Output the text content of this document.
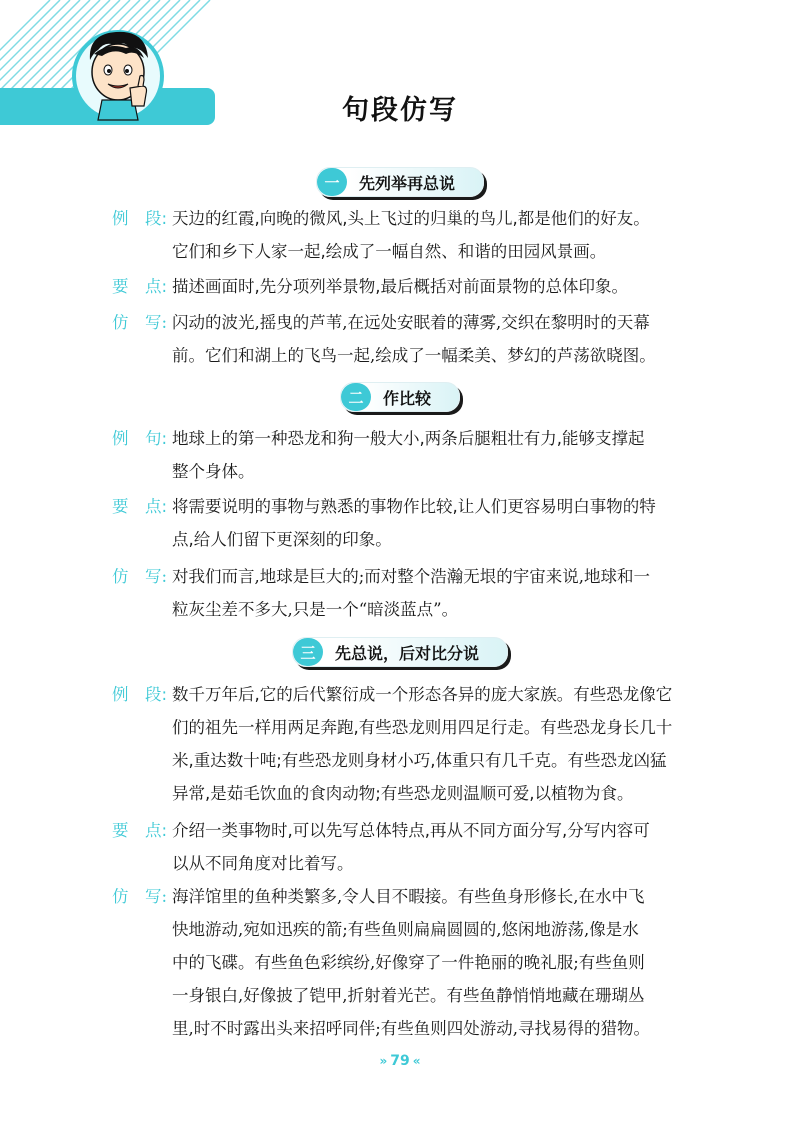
句段仿写
一	先列举再总说
例　段: 天边的红霞,向晚的微风,头上飞过的归巢的鸟儿,都是他们的好友。
它们和乡下人家一起,绘成了一幅自然、和谐的田园风景画。
要　点: 描述画面时,先分项列举景物,最后概括对前面景物的总体印象。
仿　写: 闪动的波光,摇曳的芦苇,在远处安眠着的薄雾,交织在黎明时的天幕
前。它们和湖上的飞鸟一起,绘成了一幅柔美、梦幻的芦荡欲晓图。
二	作比较
例　句: 地球上的第一种恐龙和狗一般大小,两条后腿粗壮有力,能够支撑起
整个身体。
要　点: 将需要说明的事物与熟悉的事物作比较,让人们更容易明白事物的特
点,给人们留下更深刻的印象。
仿　写: 对我们而言,地球是巨大的;而对整个浩瀚无垠的宇宙来说,地球和一
粒灰尘差不多大,只是一个“暗淡蓝点”。
三	先总说，后对比分说
例　段: 数千万年后,它的后代繁衍成一个形态各异的庞大家族。有些恐龙像它
们的祖先一样用两足奔跑,有些恐龙则用四足行走。有些恐龙身长几十
米,重达数十吨;有些恐龙则身材小巧,体重只有几千克。有些恐龙凶猛
异常,是茹毛饮血的食肉动物;有些恐龙则温顺可爱,以植物为食。
要　点: 介绍一类事物时,可以先写总体特点,再从不同方面分写,分写内容可
以从不同角度对比着写。
仿　写: 海洋馆里的鱼种类繁多,令人目不暇接。有些鱼身形修长,在水中飞
快地游动,宛如迅疾的箭;有些鱼则扁扁圆圆的,悠闲地游荡,像是水
中的飞碟。有些鱼色彩缤纷,好像穿了一件艳丽的晚礼服;有些鱼则
一身银白,好像披了铠甲,折射着光芒。有些鱼静悄悄地藏在珊瑚丛
里,时不时露出头来招呼同伴;有些鱼则四处游动,寻找易得的猎物。
» 79 «
